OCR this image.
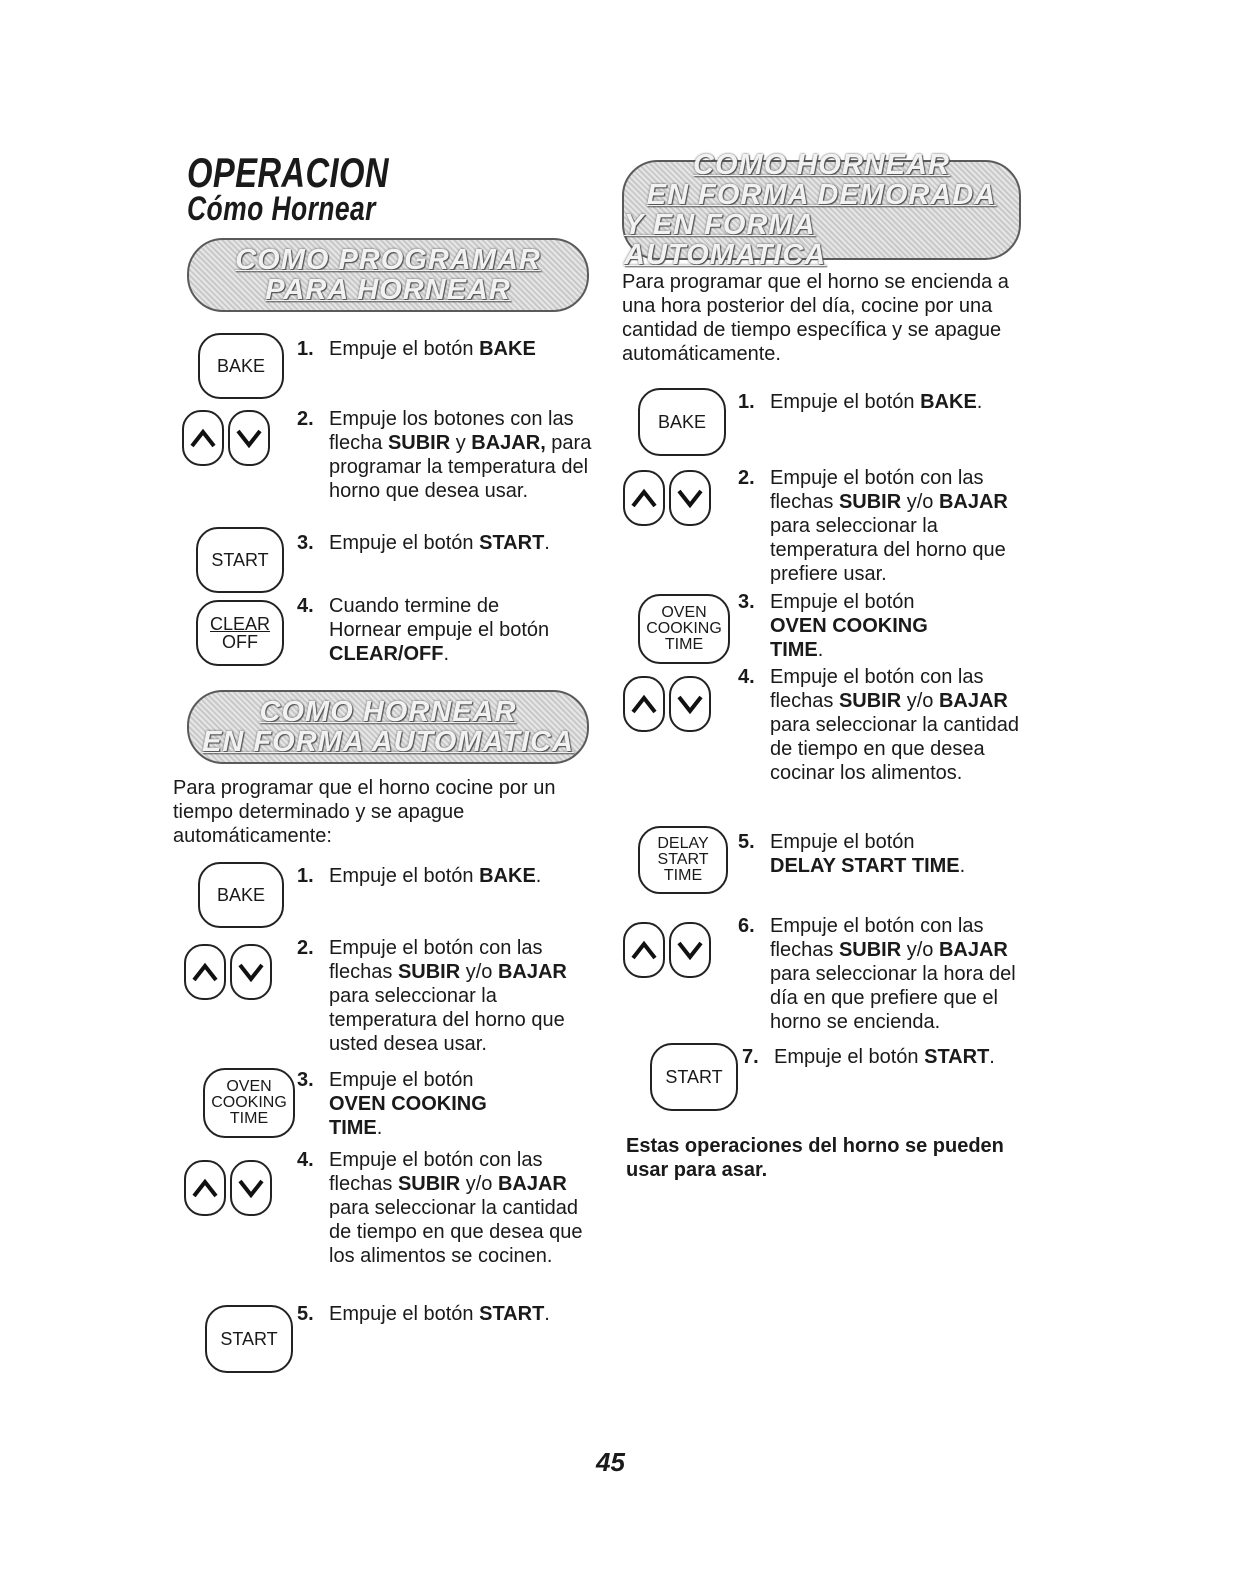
OPERACION
Cómo Hornear
COMO PROGRAMAR
PARA HORNEAR
BAKE
1. Empuje el botón BAKE
2. Empuje los botones con las flecha SUBIR y BAJAR, para programar la temperatura del horno que desea usar.
START
3. Empuje el botón START.
CLEAR
OFF
4. Cuando termine de Hornear empuje el botón CLEAR/OFF.
COMO HORNEAR
EN FORMA AUTOMATICA
Para programar que el horno cocine por un tiempo determinado y se apague automáticamente:
BAKE
1. Empuje el botón BAKE.
2. Empuje el botón con las flechas SUBIR y/o BAJAR para seleccionar la temperatura del horno que usted desea usar.
OVEN
COOKING
TIME
3. Empuje el botón OVEN COOKING TIME.
4. Empuje el botón con las flechas SUBIR y/o BAJAR para seleccionar la cantidad de tiempo en que desea que los alimentos se cocinen.
START
5. Empuje el botón START.
COMO HORNEAR
EN FORMA DEMORADA
Y EN FORMA AUTOMATICA
Para programar que el horno se encienda a una hora posterior del día, cocine por una cantidad de tiempo específica y se apague automáticamente.
BAKE
1. Empuje el botón BAKE.
2. Empuje el botón con las flechas SUBIR y/o BAJAR para seleccionar la temperatura del horno que prefiere usar.
OVEN
COOKING
TIME
3. Empuje el botón OVEN COOKING TIME.
4. Empuje el botón con las flechas SUBIR y/o BAJAR para seleccionar la cantidad de tiempo en que desea cocinar los alimentos.
DELAY
START
TIME
5. Empuje el botón DELAY START TIME.
6. Empuje el botón con las flechas SUBIR y/o BAJAR para seleccionar la hora del día en que prefiere que el horno se encienda.
START
7. Empuje el botón START.
Estas operaciones del horno se pueden usar para asar.
45
